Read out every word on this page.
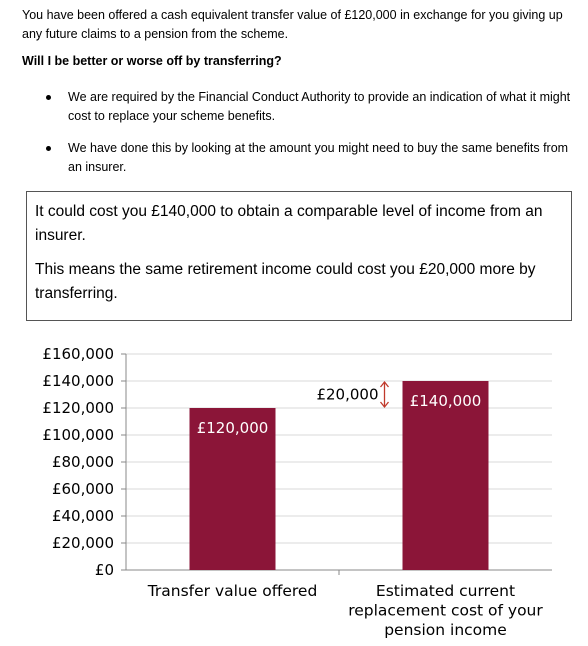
You have been offered a cash equivalent transfer value of £120,000 in exchange for you giving up any future claims to a pension from the scheme.
Will I be better or worse off by transferring?
We are required by the Financial Conduct Authority to provide an indication of what it might cost to replace your scheme benefits.
We have done this by looking at the amount you might need to buy the same benefits from an insurer.

It could cost you £140,000 to obtain a comparable level of income from an insurer.

This means the same retirement income could cost you £20,000 more by transferring.

£0
£20,000
£40,000
£60,000
£80,000
£100,000
£120,000
£140,000
£160,000
£120,000
Transfer value offered
£140,000
Estimated current
replacement cost of your
pension income
£20,000
